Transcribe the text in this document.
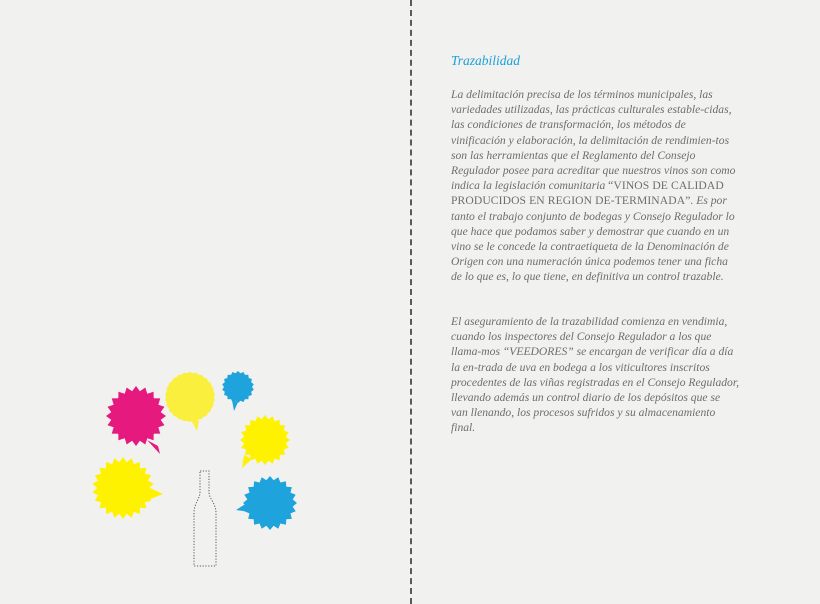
Trazabilidad

La delimitación precisa de los términos municipales, las variedades utilizadas, las prácticas culturales estable-cidas, las condiciones de transformación, los métodos de vinificación y elaboración, la delimitación de rendimien-tos son las herramientas que el Reglamento del Consejo Regulador posee para acreditar que nuestros vinos son como indica la legislación comunitaria “VINOS DE CALIDAD PRODUCIDOS EN REGION DE-TERMINADA”. Es por tanto el trabajo conjunto de bodegas y Consejo Regulador lo que hace que podamos saber y demostrar que cuando en un vino se le concede la contraetiqueta de la Denominación de Origen con una numeración única podemos tener una ficha de lo que es, lo que tiene, en definitiva un control trazable.

El aseguramiento de la trazabilidad comienza en vendimia, cuando los inspectores del Consejo Regulador a los que llama-mos “VEEDORES” se encargan de verificar día a día la en-trada de uva en bodega a los viticultores inscritos procedentes de las viñas registradas en el Consejo Regulador, llevando además un control diario de los depósitos que se van llenando, los procesos sufridos y su almacenamiento final.
